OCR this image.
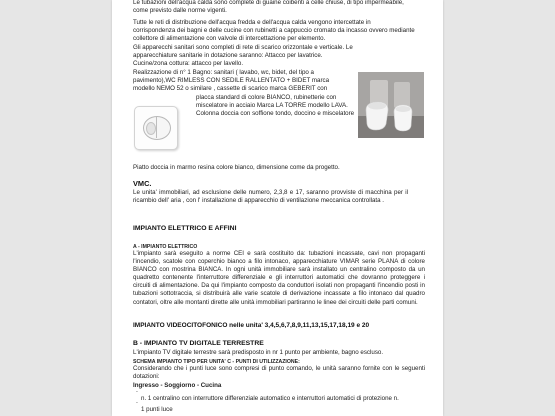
Le tubazioni dell'acqua calda sono complete di guaine coibenti a celle chiuse, di tipo impermeabile,
come previsto dalle norme vigenti.
Tutte le reti di distribuzione dell'acqua fredda e dell'acqua calda vengono intercettate in
corrispondenza dei bagni e delle cucine con rubinetti a cappuccio cromato da incasso ovvero mediante
collettore di alimentazione con valvole di intercettazione per elemento.
Gli apparecchi sanitari sono completi di rete di scarico orizzontale e verticale. Le
apparecchiature sanitarie in dotazione saranno: Attacco per lavatrice.
Cucine/zona cottura: attacco per lavello.
Realizzazione di n° 1 Bagno: sanitari ( lavabo, wc, bidet, del tipo a
pavimento),WC RIMLESS CON SEDILE RALLENTATO + BIDET marca
modello NEMO 52 o similare , cassette di scarico marca GEBERIT con
placca standard di colore BIANCO, rubinetterie con
miscelatore in acciaio Marca LA TORRE modello LAVA.
Colonna doccia con soffione tondo, doccino e miscelatore
Piatto doccia in marmo resina colore bianco, dimensione come da progetto.
VMC.
Le unita' immobiliari, ad esclusione delle numero, 2,3,8 e 17, saranno provviste di macchina per il ricambio dell' aria , con l' installazione di apparecchio di ventilazione meccanica controllata .
IMPIANTO ELETTRICO E AFFINI
A - IMPIANTO ELETTRICO
L'impianto sarà eseguito a norme CEI e sarà costituito da: tubazioni incassate, cavi non propaganti l'incendio, scatole con coperchio bianco a filo intonaco, apparecchiature VIMAR serie PLANA di colore BIANCO con mostrina BIANCA. In ogni unità immobiliare sarà installato un centralino composto da un quadretto contenente l'interruttore differenziale e gli interruttori automatici che dovranno proteggere i circuiti di alimentazione. Da qui l'impianto composto da conduttori isolati non propaganti l'incendio posti in tubazioni sottotraccia, si distribuirà alle varie scatole di derivazione incassate a filo intonaco dal quadro contatori, oltre alle montanti dirette alle unità immobiliari partiranno le linee dei circuiti delle parti comuni.
IMPIANTO VIDEOCITOFONICO nelle unita' 3,4,5,6,7,8,9,11,13,15,17,18,19 e 20
B - IMPIANTO TV DIGITALE TERRESTRE
L'impianto TV digitale terrestre sarà predisposto in nr 1 punto per ambiente, bagno escluso.
SCHEMA IMPIANTO TIPO PER UNITA' C - PUNTI DI UTILIZZAZIONE:
Considerando che i punti luce sono compresi di punto comando, le unità saranno fornite con le seguenti dotazioni:
Ingresso - Soggiorno - Cucina
`
n. 1 centralino con interruttore differenziale automatico e interruttori automatici di protezione n.
`
1 punti luce
